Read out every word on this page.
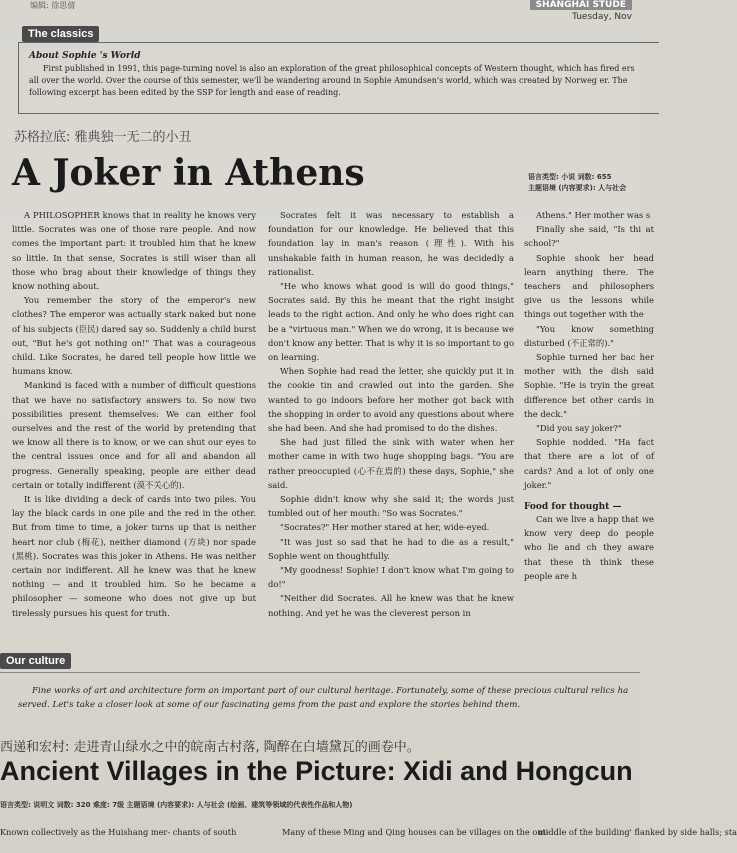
编辑: 徐思倩	SHANGHAI STUDE
Tuesday, Nov
The classics
About Sophie 's World
First published in 1991, this page-turning novel is also an exploration of the great philosophical concepts of Western thought, which has fired ers all over the world. Over the course of this semester, we'll be wandering around in Sophie Amundsen's world, which was created by Norweg er. The following excerpt has been edited by the SSP for length and ease of reading.
苏格拉底: 雅典独一无二的小丑
A Joker in Athens	语言类型: 小说 词数: 655
主题语境 (内容要求): 人与社会

A PHILOSOPHER knows that in reality he knows very little. Socrates was one of those rare people. And now comes the important part: it troubled him that he knew so little. In that sense, Socrates is still wiser than all those who brag about their knowledge of things they know nothing about.

You remember the story of the emperor's new clothes? The emperor was actually stark naked but none of his subjects (臣民) dared say so. Suddenly a child burst out, "But he's got nothing on!" That was a courageous child. Like Socrates, he dared tell people how little we humans know.

Mankind is faced with a number of difficult questions that we have no satisfactory answers to. So now two possibilities present themselves: We can either fool ourselves and the rest of the world by pretending that we know all there is to know, or we can shut our eyes to the central issues once and for all and abandon all progress. Generally speaking, people are either dead certain or totally indifferent (漠不关心的).

It is like dividing a deck of cards into two piles. You lay the black cards in one pile and the red in the other. But from time to time, a joker turns up that is neither heart nor club (梅花), neither diamond (方块) nor spade (黑桃). Socrates was this joker in Athens. He was neither certain nor indifferent. All he knew was that he knew nothing — and it troubled him. So he became a philosopher — someone who does not give up but tirelessly pursues his quest for truth.

Socrates felt it was necessary to establish a foundation for our knowledge. He believed that this foundation lay in man's reason (理性). With his unshakable faith in human reason, he was decidedly a rationalist.

"He who knows what good is will do good things," Socrates said. By this he meant that the right insight leads to the right action. And only he who does right can be a "virtuous man." When we do wrong, it is because we don't know any better. That is why it is so important to go on learning.

When Sophie had read the letter, she quickly put it in the cookie tin and crawled out into the garden. She wanted to go indoors before her mother got back with the shopping in order to avoid any questions about where she had been. And she had promised to do the dishes.

She had just filled the sink with water when her mother came in with two huge shopping bags. "You are rather preoccupied (心不在焉的) these days, Sophie," she said.

Sophie didn't know why she said it; the words just tumbled out of her mouth: "So was Socrates."

"Socrates?" Her mother stared at her, wide-eyed.

"It was just so sad that he had to die as a result," Sophie went on thoughtfully.

"My goodness! Sophie! I don't know what I'm going to do!"

"Neither did Socrates. All he knew was that he knew nothing. And yet he was the cleverest person in

Athens." Her mother was s

Finally she said, "Is thi at school?"

Sophie shook her head learn anything there. The teachers and philosophers give us the lessons while things out together with the

"You know something disturbed (不正常的)."

Sophie turned her bac her mother with the dish said Sophie. "He is tryin the great difference bet other cards in the deck."

"Did you say joker?"

Sophie nodded. "Ha fact that there are a lot of of cards? And a lot of only one joker."

Food for thought —

Can we live a happ that we know very deep do people who lie and ch they aware that these th think these people are h

Our culture
Fine works of art and architecture form an important part of our cultural heritage. Fortunately, some of these precious cultural relics ha served. Let's take a closer look at some of our fascinating gems from the past and explore the stories behind them.
西递和宏村: 走进青山绿水之中的皖南古村落, 陶醉在白墙黛瓦的画卷中。
Ancient Villages in the Picture: Xidi and Hongcun
语言类型: 说明文 词数: 320 难度: 7级 主题语境 (内容要求): 人与社会 (绘画、建筑等领域的代表性作品和人物)
Known collectively as the Huishang mer- chants of south	Many of these Ming and Qing houses can be villages on the out-
middle of the building' flanked by side halls; sta
